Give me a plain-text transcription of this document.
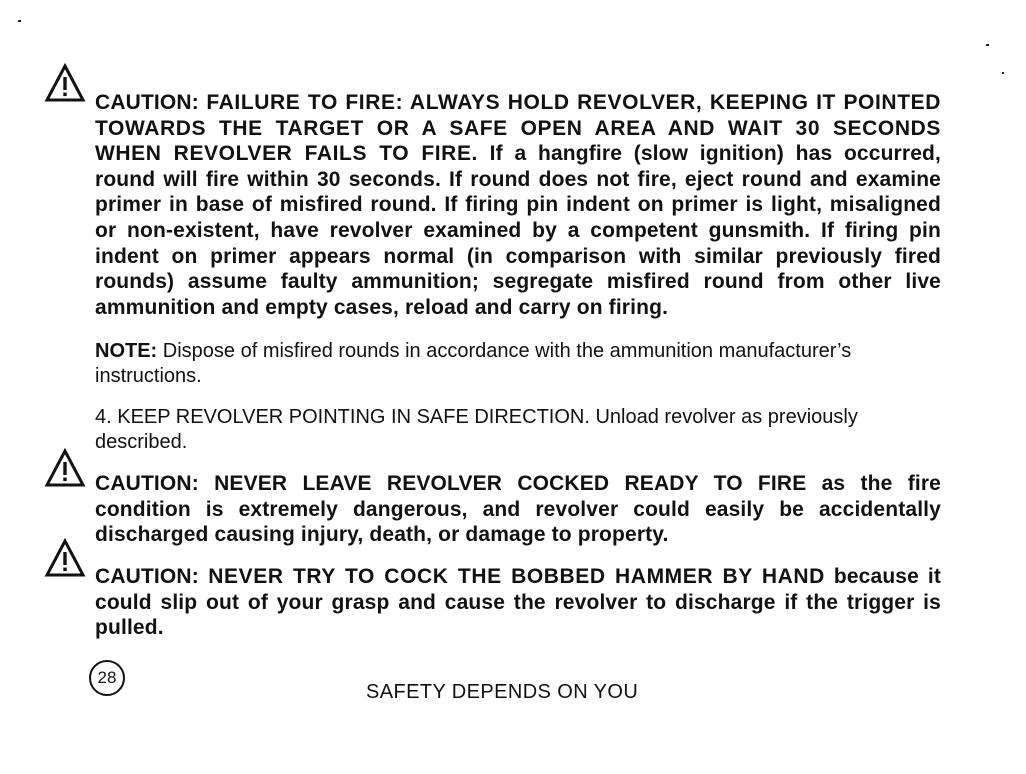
CAUTION: FAILURE TO FIRE: ALWAYS HOLD REVOLVER, KEEPING IT POINTED TOWARDS THE TARGET OR A SAFE OPEN AREA AND WAIT 30 SECONDS WHEN REVOLVER FAILS TO FIRE. If a hangfire (slow ignition) has occurred, round will fire within 30 seconds. If round does not fire, eject round and examine primer in base of misfired round. If firing pin indent on primer is light, misaligned or non-existent, have revolver examined by a competent gunsmith. If firing pin indent on primer appears normal (in comparison with similar previously fired rounds) assume faulty ammunition; segregate misfired round from other live ammunition and empty cases, reload and carry on firing.
NOTE: Dispose of misfired rounds in accordance with the ammunition manufacturer’s instructions.
4. KEEP REVOLVER POINTING IN SAFE DIRECTION. Unload revolver as previously described.
CAUTION: NEVER LEAVE REVOLVER COCKED READY TO FIRE as the fire condition is extremely dangerous, and revolver could easily be accidentally discharged causing injury, death, or damage to property.
CAUTION: NEVER TRY TO COCK THE BOBBED HAMMER BY HAND because it could slip out of your grasp and cause the revolver to discharge if the trigger is pulled.
28
SAFETY DEPENDS ON YOU
